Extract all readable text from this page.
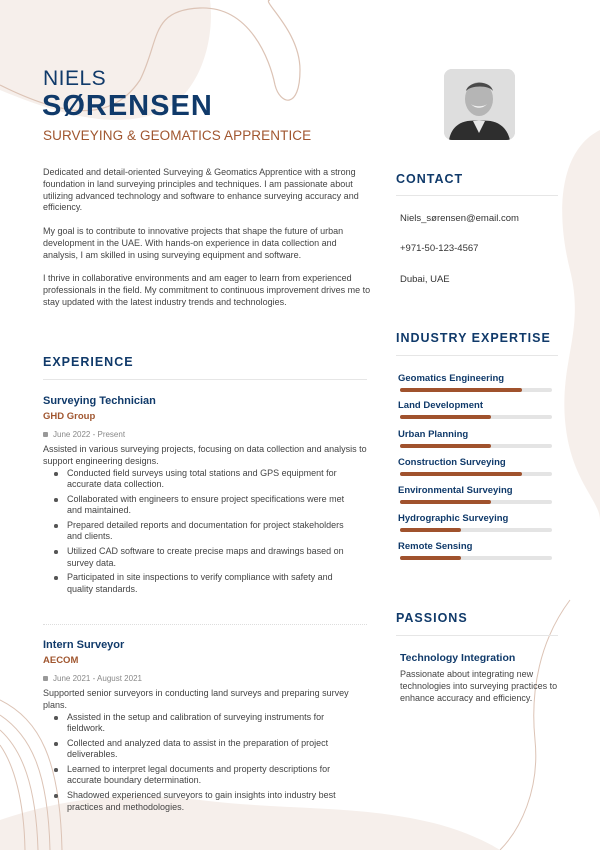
NIELS
SØRENSEN
SURVEYING & GEOMATICS APPRENTICE

Dedicated and detail-oriented Surveying & Geomatics Apprentice with a strong foundation in land surveying principles and techniques. I am passionate about utilizing advanced technology and software to enhance surveying accuracy and efficiency.

My goal is to contribute to innovative projects that shape the future of urban development in the UAE. With hands-on experience in data collection and analysis, I am skilled in using surveying equipment and software.

I thrive in collaborative environments and am eager to learn from experienced professionals in the field. My commitment to continuous improvement drives me to stay updated with the latest industry trends and technologies.

EXPERIENCE
Surveying Technician
GHD Group
June 2022 - Present
Assisted in various surveying projects, focusing on data collection and analysis to support engineering designs.
Conducted field surveys using total stations and GPS equipment for accurate data collection.
Collaborated with engineers to ensure project specifications were met and maintained.
Prepared detailed reports and documentation for project stakeholders and clients.
Utilized CAD software to create precise maps and drawings based on survey data.
Participated in site inspections to verify compliance with safety and quality standards.
Intern Surveyor
AECOM
June 2021 - August 2021
Supported senior surveyors in conducting land surveys and preparing survey plans.
Assisted in the setup and calibration of surveying instruments for fieldwork.
Collected and analyzed data to assist in the preparation of project deliverables.
Learned to interpret legal documents and property descriptions for accurate boundary determination.
Shadowed experienced surveyors to gain insights into industry best practices and methodologies.
CONTACT
Niels_sørensen@email.com
+971-50-123-4567
Dubai, UAE
INDUSTRY EXPERTISE
Geomatics Engineering
Land Development
Urban Planning
Construction Surveying
Environmental Surveying
Hydrographic Surveying
Remote Sensing
PASSIONS
Technology Integration
Passionate about integrating new technologies into surveying practices to enhance accuracy and efficiency.
